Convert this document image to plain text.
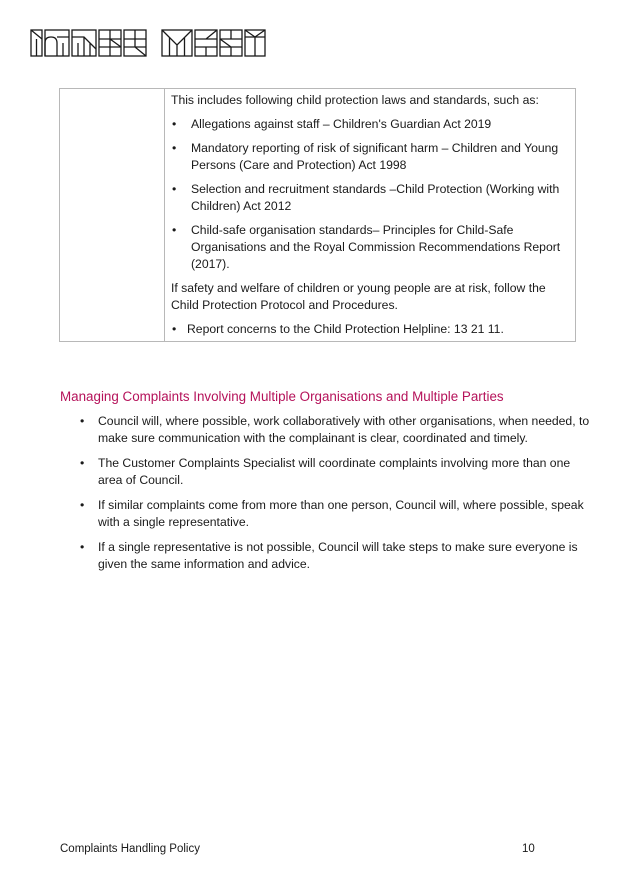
This includes following child protection laws and standards, such as:

• Allegations against staff – Children's Guardian Act 2019
• Mandatory reporting of risk of significant harm – Children and Young Persons (Care and Protection) Act 1998
• Selection and recruitment standards –Child Protection (Working with Children) Act 2012
• Child-safe organisation standards– Principles for Child-Safe Organisations and the Royal Commission Recommendations Report (2017).

If safety and welfare of children or young people are at risk, follow the Child Protection Protocol and Procedures.

• Report concerns to the Child Protection Helpline: 13 21 11.
Managing Complaints Involving Multiple Organisations and Multiple Parties
• Council will, where possible, work collaboratively with other organisations, when needed, to make sure communication with the complainant is clear, coordinated and timely.
• The Customer Complaints Specialist will coordinate complaints involving more than one area of Council.
• If similar complaints come from more than one person, Council will, where possible, speak with a single representative.
• If a single representative is not possible, Council will take steps to make sure everyone is given the same information and advice.
Complaints Handling Policy	10
